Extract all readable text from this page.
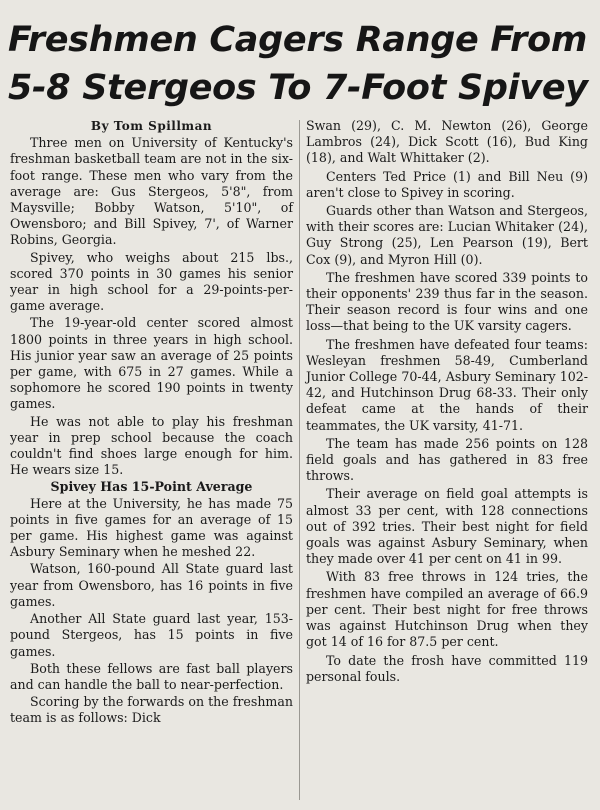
Freshmen Cagers Range From
5-8 Stergeos To 7-Foot Spivey
By Tom Spillman

Three men on University of Kentucky's freshman basketball team are not in the six-foot range. These men who vary from the average are: Gus Stergeos, 5'8", from Maysville; Bobby Watson, 5'10", of Owensboro; and Bill Spivey, 7', of Warner Robins, Georgia.

Spivey, who weighs about 215 lbs., scored 370 points in 30 games his senior year in high school for a 29-points-per-game average.

The 19-year-old center scored almost 1800 points in three years in high school. His junior year saw an average of 25 points per game, with 675 in 27 games. While a sophomore he scored 190 points in twenty games.

He was not able to play his freshman year in prep school because the coach couldn't find shoes large enough for him. He wears size 15.

Spivey Has 15-Point Average

Here at the University, he has made 75 points in five games for an average of 15 per game. His highest game was against Asbury Seminary when he meshed 22.

Watson, 160-pound All State guard last year from Owensboro, has 16 points in five games.

Another All State guard last year, 153-pound Stergeos, has 15 points in five games.

Both these fellows are fast ball players and can handle the ball to near-perfection.

Scoring by the forwards on the freshman team is as follows: Dick

Swan (29), C. M. Newton (26), George Lambros (24), Dick Scott (16), Bud King (18), and Walt Whittaker (2).

Centers Ted Price (1) and Bill Neu (9) aren't close to Spivey in scoring.

Guards other than Watson and Stergeos, with their scores are: Lucian Whitaker (24), Guy Strong (25), Len Pearson (19), Bert Cox (9), and Myron Hill (0).

The freshmen have scored 339 points to their opponents' 239 thus far in the season. Their season record is four wins and one loss—that being to the UK varsity cagers.

The freshmen have defeated four teams: Wesleyan freshmen 58-49, Cumberland Junior College 70-44, Asbury Seminary 102-42, and Hutchinson Drug 68-33. Their only defeat came at the hands of their teammates, the UK varsity, 41-71.

The team has made 256 points on 128 field goals and has gathered in 83 free throws.

Their average on field goal attempts is almost 33 per cent, with 128 connections out of 392 tries. Their best night for field goals was against Asbury Seminary, when they made over 41 per cent on 41 in 99.

With 83 free throws in 124 tries, the freshmen have compiled an average of 66.9 per cent. Their best night for free throws was against Hutchinson Drug when they got 14 of 16 for 87.5 per cent.

To date the frosh have committed 119 personal fouls.
